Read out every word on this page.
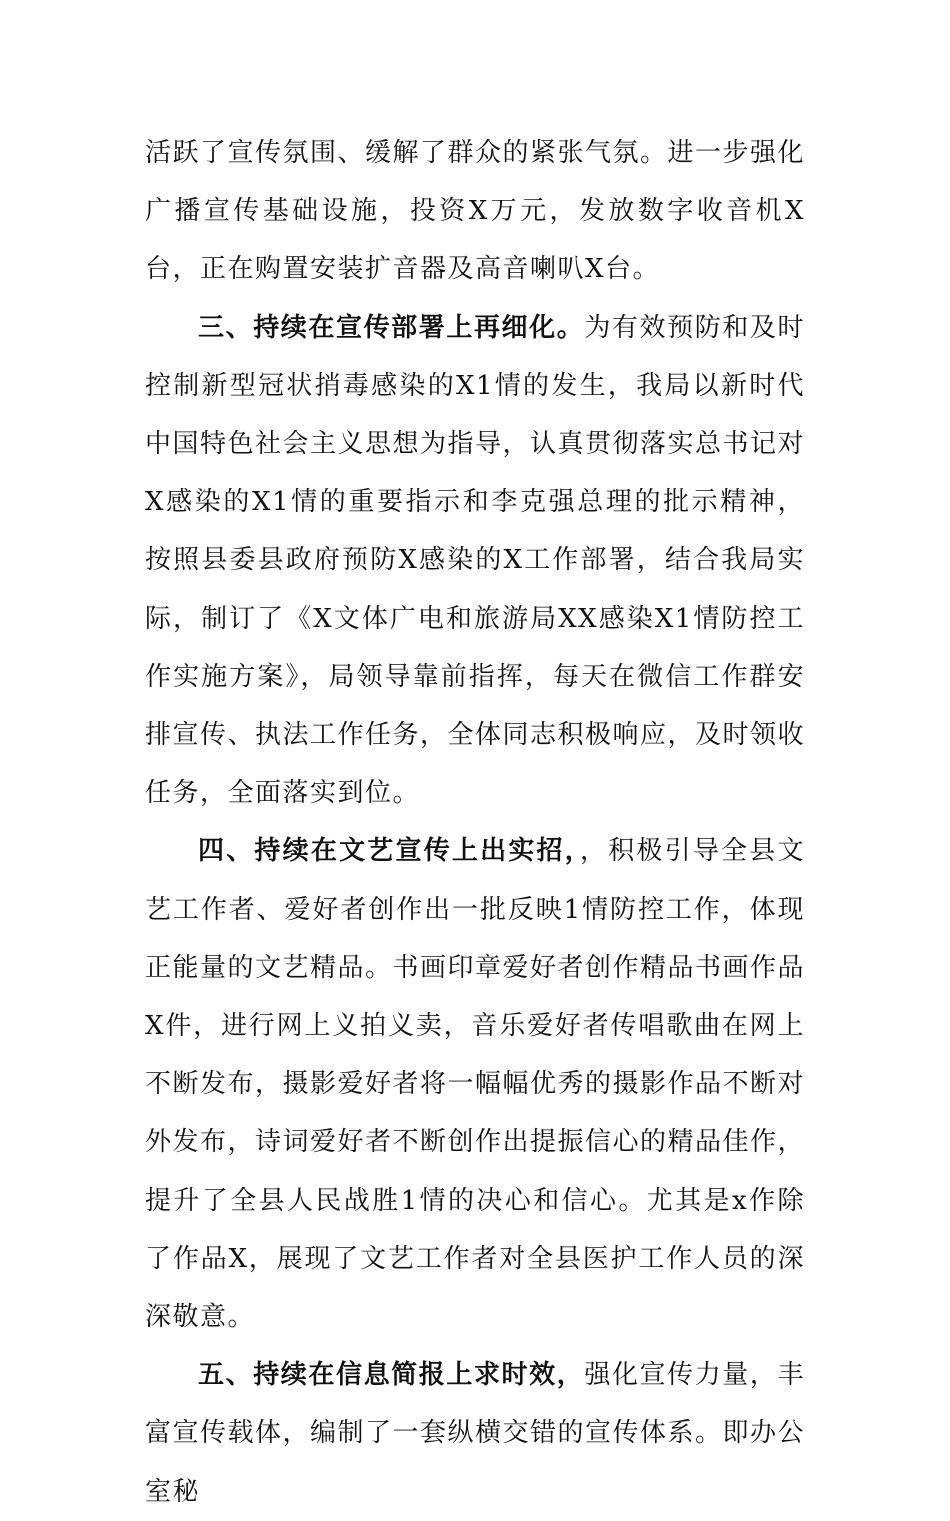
活跃了宣传氛围、缓解了群众的紧张气氛。进一步强化广播宣传基础设施，投资X万元，发放数字收音机X台，正在购置安装扩音器及高音喇叭X台。

三、持续在宣传部署上再细化。为有效预防和及时控制新型冠状捎毒感染的X1情的发生，我局以新时代中国特色社会主义思想为指导，认真贯彻落实总书记对X感染的X1情的重要指示和李克强总理的批示精神，按照县委县政府预防X感染的X工作部署，结合我局实际，制订了《X文体广电和旅游局XX感染X1情防控工作实施方案》，局领导靠前指挥，每天在微信工作群安排宣传、执法工作任务，全体同志积极响应，及时领收任务，全面落实到位。

四、持续在文艺宣传上出实招，，积极引导全县文艺工作者、爱好者创作出一批反映1情防控工作，体现正能量的文艺精品。书画印章爱好者创作精品书画作品X件，进行网上义拍义卖，音乐爱好者传唱歌曲在网上不断发布，摄影爱好者将一幅幅优秀的摄影作品不断对外发布，诗词爱好者不断创作出提振信心的精品佳作，提升了全县人民战胜1情的决心和信心。尤其是x作除了作品X，展现了文艺工作者对全县医护工作人员的深深敬意。

五、持续在信息简报上求时效，强化宣传力量，丰富宣传载体，编制了一套纵横交错的宣传体系。即办公室秘
